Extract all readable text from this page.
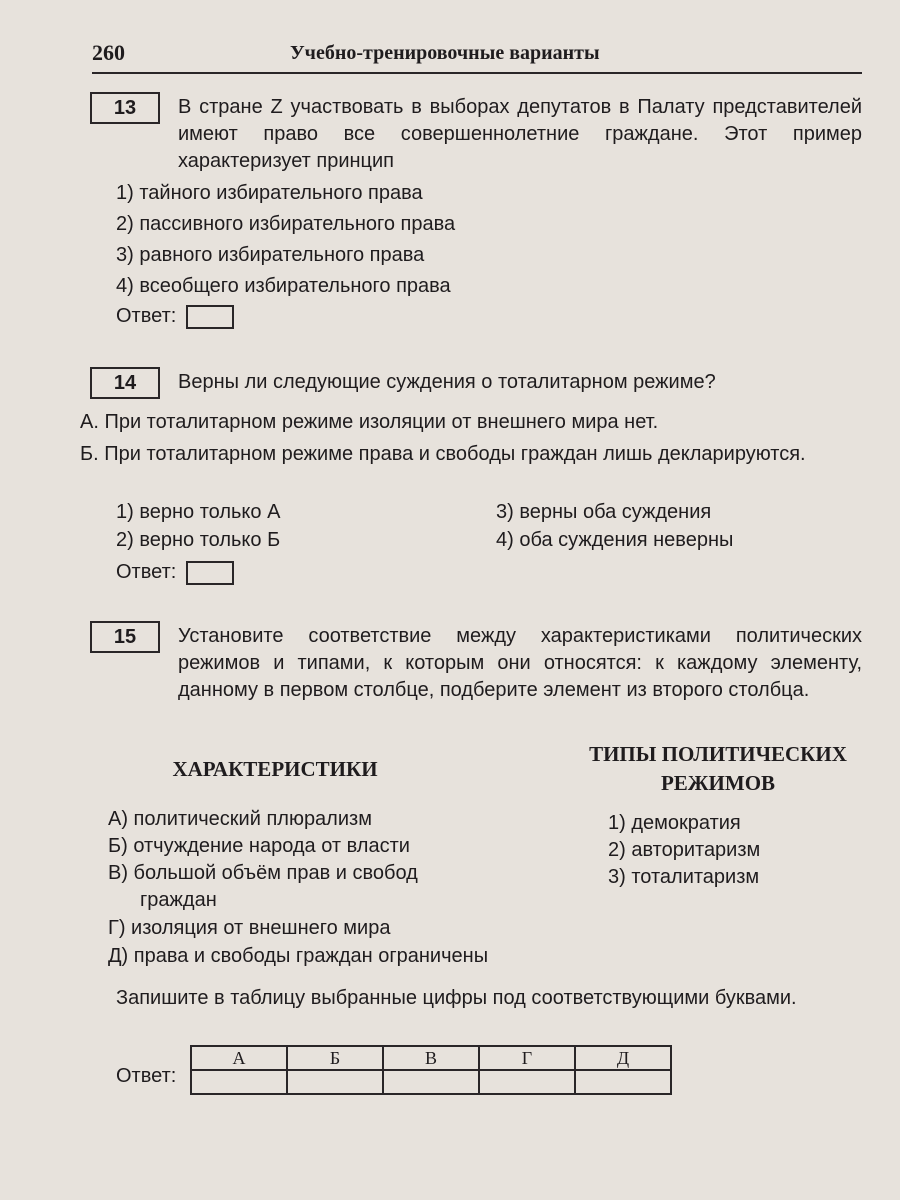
260	Учебно-тренировочные варианты
13	В стране Z участвовать в выборах депутатов в Палату представителей имеют право все совершеннолетние граждане. Этот пример характеризует принцип
1) тайного избирательного права
2) пассивного избирательного права
3) равного избирательного права
4) всеобщего избирательного права
Ответ:
14	Верны ли следующие суждения о тоталитарном режиме?
А. При тоталитарном режиме изоляции от внешнего мира нет.
Б. При тоталитарном режиме права и свободы граждан лишь декларируются.
1) верно только А	3) верны оба суждения
2) верно только Б	4) оба суждения неверны
Ответ:
15	Установите соответствие между характеристиками политических режимов и типами, к которым они относятся: к каждому элементу, данному в первом столбце, подберите элемент из второго столбца.
ХАРАКТЕРИСТИКИ
ТИПЫ ПОЛИТИЧЕСКИХ
РЕЖИМОВ
А) политический плюрализм
Б) отчуждение народа от власти
В) большой объём прав и свобод граждан
Г) изоляция от внешнего мира
Д) права и свободы граждан ограничены
1) демократия
2) авторитаризм
3) тоталитаризм
Запишите в таблицу выбранные цифры под соответствующими буквами.
Ответ:
А	Б	В	Г	Д
